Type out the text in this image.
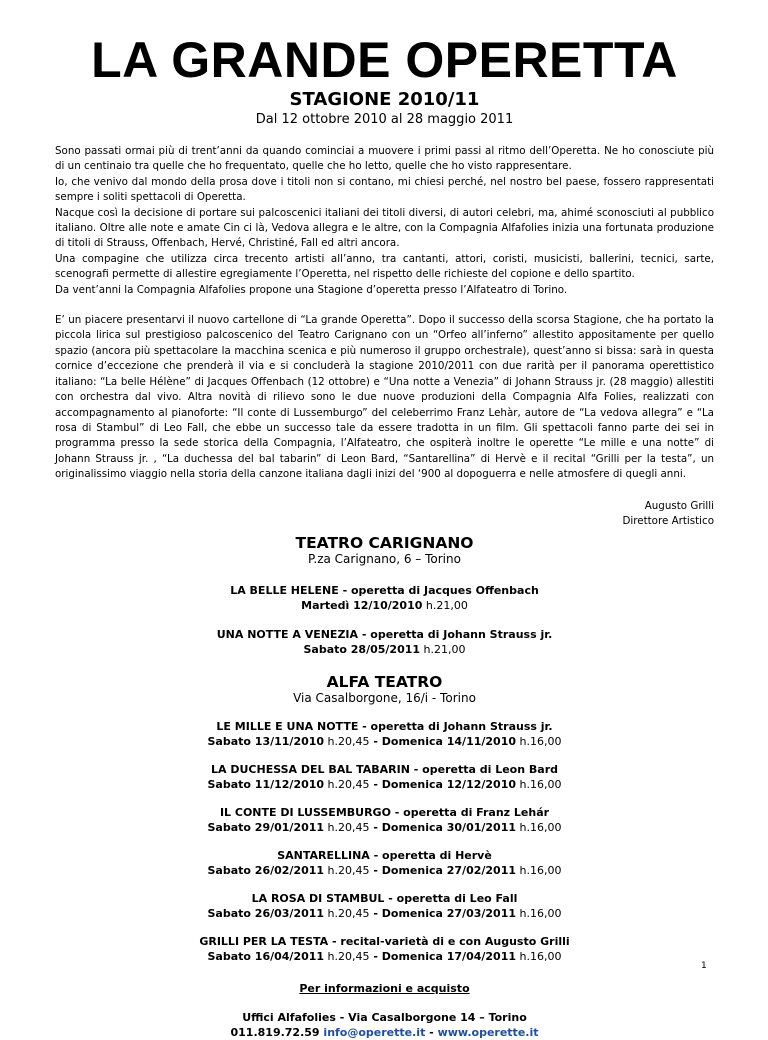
LA GRANDE OPERETTA
STAGIONE 2010/11
Dal 12 ottobre 2010 al 28 maggio 2011

Sono passati ormai più di trent’anni da quando cominciai a muovere i primi passi al ritmo dell’Operetta. Ne ho conosciute più di un centinaio tra quelle che ho frequentato, quelle che ho letto, quelle che ho visto rappresentare.

Io, che venivo dal mondo della prosa dove i titoli non si contano, mi chiesi perché, nel nostro bel paese, fossero rappresentati sempre i soliti spettacoli di Operetta.

Nacque così la decisione di portare sui palcoscenici italiani dei titoli diversi, di autori celebri, ma, ahimé sconosciuti al pubblico italiano. Oltre alle note e amate Cin ci là, Vedova allegra e le altre, con la Compagnia Alfafolies inizia una fortunata produzione di titoli di Strauss, Offenbach, Hervé, Christiné, Fall ed altri ancora.

Una compagine che utilizza circa trecento artisti all’anno, tra cantanti, attori, coristi, musicisti, ballerini, tecnici, sarte, scenografi permette di allestire egregiamente l’Operetta, nel rispetto delle richieste del copione e dello spartito.

Da vent’anni la Compagnia Alfafolies propone una Stagione d’operetta presso l’Alfateatro di Torino.

E’ un piacere presentarvi il nuovo cartellone di “La grande Operetta”. Dopo il successo della scorsa Stagione, che ha portato la piccola lirica sul prestigioso palcoscenico del Teatro Carignano con un “Orfeo all’inferno” allestito appositamente per quello spazio (ancora più spettacolare la macchina scenica e più numeroso il gruppo orchestrale), quest’anno si bissa: sarà in questa cornice d’eccezione che prenderà il via e si concluderà la stagione 2010/2011 con due rarità per il panorama operettistico italiano: “La belle Hélène” di Jacques Offenbach (12 ottobre) e “Una notte a Venezia” di Johann Strauss jr. (28 maggio) allestiti con orchestra dal vivo. Altra novità di rilievo sono le due nuove produzioni della Compagnia Alfa Folies, realizzati con accompagnamento al pianoforte: “Il conte di Lussemburgo” del celeberrimo Franz Lehàr, autore de “La vedova allegra” e “La rosa di Stambul” di Leo Fall, che ebbe un successo tale da essere tradotta in un film. Gli spettacoli fanno parte dei sei in programma presso la sede storica della Compagnia, l’Alfateatro, che ospiterà inoltre le operette “Le mille e una notte” di Johann Strauss jr. , “La duchessa del bal tabarin” di Leon Bard, “Santarellina” di Hervè e il recital “Grilli per la testa”, un originalissimo viaggio nella storia della canzone italiana dagli inizi del ‘900 al dopoguerra e nelle atmosfere di quegli anni.
Augusto Grilli
Direttore Artistico
TEATRO CARIGNANO
P.za Carignano, 6 – Torino
LA BELLE HELENE - operetta di Jacques Offenbach
Martedì 12/10/2010 h.21,00
UNA NOTTE A VENEZIA - operetta di Johann Strauss jr.
Sabato 28/05/2011 h.21,00
ALFA TEATRO
Via Casalborgone, 16/i - Torino
LE MILLE E UNA NOTTE - operetta di Johann Strauss jr.
Sabato 13/11/2010 h.20,45 - Domenica 14/11/2010 h.16,00
LA DUCHESSA DEL BAL TABARIN - operetta di Leon Bard
Sabato 11/12/2010 h.20,45 - Domenica 12/12/2010 h.16,00
IL CONTE DI LUSSEMBURGO - operetta di Franz Lehár
Sabato 29/01/2011 h.20,45 - Domenica 30/01/2011 h.16,00
SANTARELLINA - operetta di Hervè
Sabato 26/02/2011 h.20,45 - Domenica 27/02/2011 h.16,00
LA ROSA DI STAMBUL - operetta di Leo Fall
Sabato 26/03/2011 h.20,45 - Domenica 27/03/2011 h.16,00
GRILLI PER LA TESTA - recital-varietà di e con Augusto Grilli
Sabato 16/04/2011 h.20,45 - Domenica 17/04/2011 h.16,00
Per informazioni e acquisto
Uffici Alfafolies - Via Casalborgone 14 – Torino
011.819.72.59 info@operette.it - www.operette.it
1
